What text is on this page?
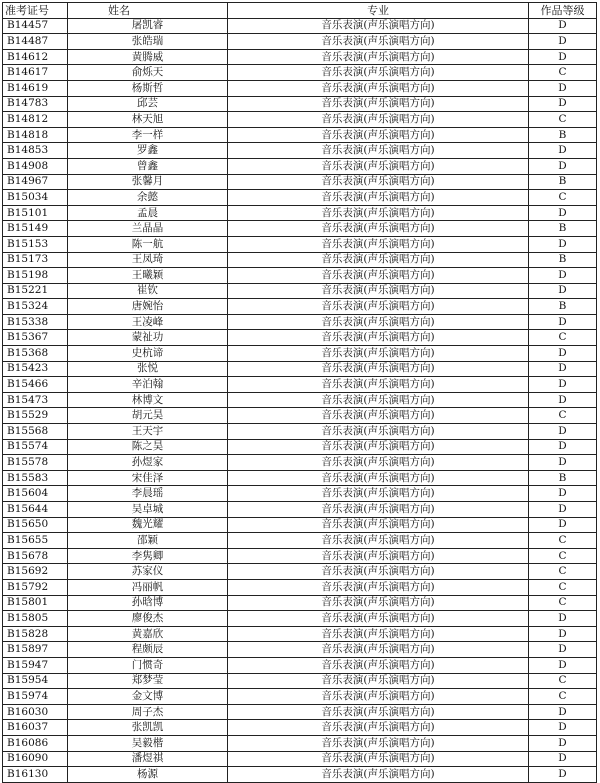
准考证号	姓名	专业	作品等级
B14457	屠凯睿	音乐表演(声乐演唱方向)	D
B14487	张皓瑞	音乐表演(声乐演唱方向)	D
B14612	黄腾威	音乐表演(声乐演唱方向)	D
B14617	俞烁天	音乐表演(声乐演唱方向)	C
B14619	杨斯哲	音乐表演(声乐演唱方向)	D
B14783	邱芸	音乐表演(声乐演唱方向)	D
B14812	林天旭	音乐表演(声乐演唱方向)	C
B14818	李一样	音乐表演(声乐演唱方向)	B
B14853	罗鑫	音乐表演(声乐演唱方向)	D
B14908	曾鑫	音乐表演(声乐演唱方向)	D
B14967	张馨月	音乐表演(声乐演唱方向)	B
B15034	余懿	音乐表演(声乐演唱方向)	C
B15101	孟晨	音乐表演(声乐演唱方向)	D
B15149	兰晶晶	音乐表演(声乐演唱方向)	B
B15153	陈一航	音乐表演(声乐演唱方向)	D
B15173	王凤琦	音乐表演(声乐演唱方向)	B
B15198	王曦颖	音乐表演(声乐演唱方向)	D
B15221	崔钦	音乐表演(声乐演唱方向)	D
B15324	唐婉怡	音乐表演(声乐演唱方向)	B
B15338	王凌峰	音乐表演(声乐演唱方向)	D
B15367	蒙祉功	音乐表演(声乐演唱方向)	C
B15368	史杭谛	音乐表演(声乐演唱方向)	D
B15423	张悦	音乐表演(声乐演唱方向)	D
B15466	辛泊翰	音乐表演(声乐演唱方向)	D
B15473	林博文	音乐表演(声乐演唱方向)	D
B15529	胡元昊	音乐表演(声乐演唱方向)	C
B15568	王天宇	音乐表演(声乐演唱方向)	D
B15574	陈之昊	音乐表演(声乐演唱方向)	D
B15578	孙煜家	音乐表演(声乐演唱方向)	D
B15583	宋佳泽	音乐表演(声乐演唱方向)	B
B15604	李晨瑶	音乐表演(声乐演唱方向)	D
B15644	吴卓城	音乐表演(声乐演唱方向)	D
B15650	魏光耀	音乐表演(声乐演唱方向)	D
B15655	邵颖	音乐表演(声乐演唱方向)	C
B15678	李隽卿	音乐表演(声乐演唱方向)	C
B15692	苏家仪	音乐表演(声乐演唱方向)	C
B15792	冯丽帆	音乐表演(声乐演唱方向)	C
B15801	孙晗博	音乐表演(声乐演唱方向)	C
B15805	廖俊杰	音乐表演(声乐演唱方向)	D
B15828	黄嘉欣	音乐表演(声乐演唱方向)	D
B15897	程颇辰	音乐表演(声乐演唱方向)	D
B15947	门惯奇	音乐表演(声乐演唱方向)	D
B15954	郑梦莹	音乐表演(声乐演唱方向)	C
B15974	金文博	音乐表演(声乐演唱方向)	C
B16030	周子杰	音乐表演(声乐演唱方向)	D
B16037	张凯凯	音乐表演(声乐演唱方向)	D
B16086	吴毅楷	音乐表演(声乐演唱方向)	D
B16090	潘煜祺	音乐表演(声乐演唱方向)	D
B16130	杨源	音乐表演(声乐演唱方向)	D
